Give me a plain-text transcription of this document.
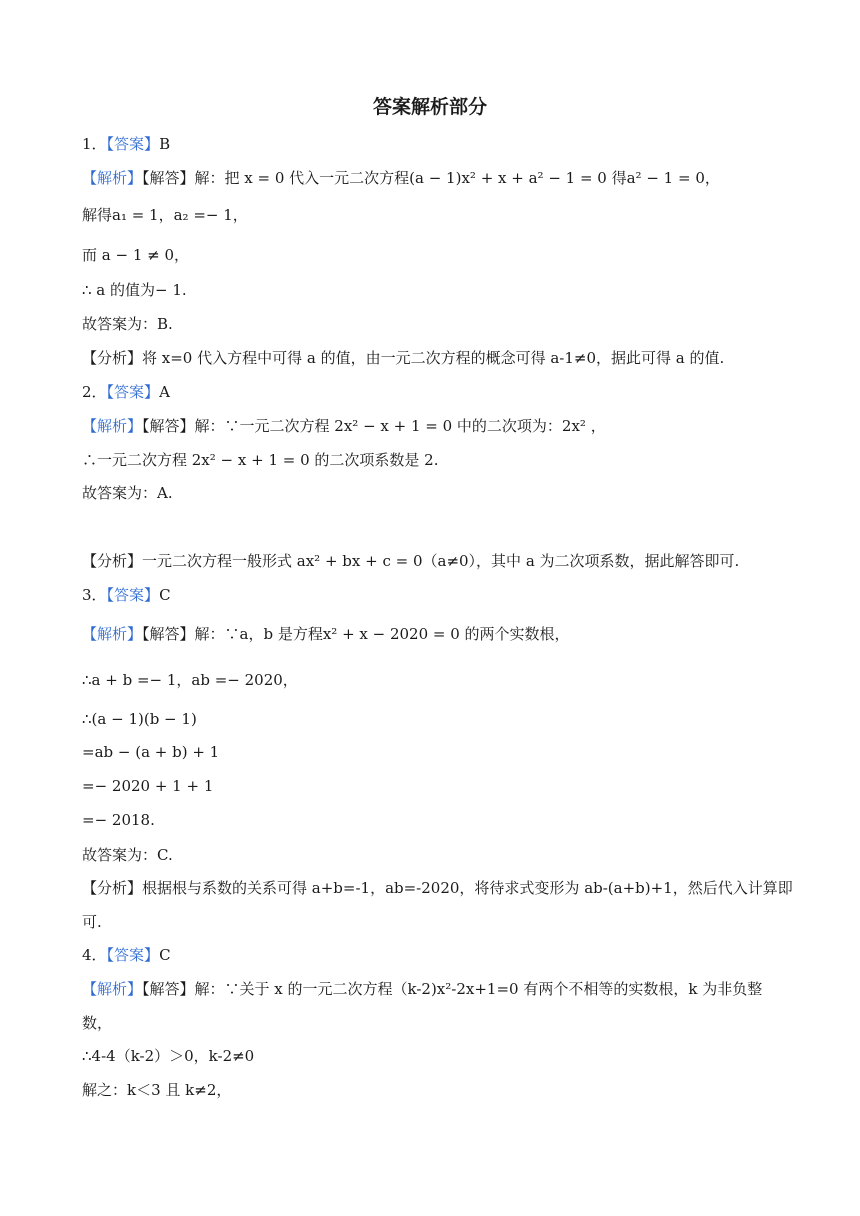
答案解析部分
1．【答案】B
【解析】【解答】解：把 x = 0 代入一元二次方程(a − 1)x² + x + a² − 1 = 0 得a² − 1 = 0，
解得a₁ = 1，a₂ =− 1，
而 a − 1 ≠ 0，
∴ a 的值为− 1.
故答案为：B.
【分析】将 x=0 代入方程中可得 a 的值，由一元二次方程的概念可得 a-1≠0，据此可得 a 的值.
2．【答案】A
【解析】【解答】解：∵一元二次方程 2x² − x + 1 = 0 中的二次项为：2x² ，
∴一元二次方程 2x² − x + 1 = 0 的二次项系数是 2.
故答案为：A.
【分析】一元二次方程一般形式 ax² + bx + c = 0（a≠0），其中 a 为二次项系数，据此解答即可.
3．【答案】C
【解析】【解答】解：∵a，b 是方程x² + x − 2020 = 0 的两个实数根，
∴a + b =− 1，ab =− 2020，
∴(a − 1)(b − 1)
=ab − (a + b) + 1
=− 2020 + 1 + 1
=− 2018.
故答案为：C.
【分析】根据根与系数的关系可得 a+b=-1，ab=-2020，将待求式变形为 ab-(a+b)+1，然后代入计算即
可.
4．【答案】C
【解析】【解答】解：∵关于 x 的一元二次方程（k-2)x²-2x+1=0 有两个不相等的实数根，k 为非负整
数，
∴4-4（k-2）＞0，k-2≠0
解之：k＜3 且 k≠2，
